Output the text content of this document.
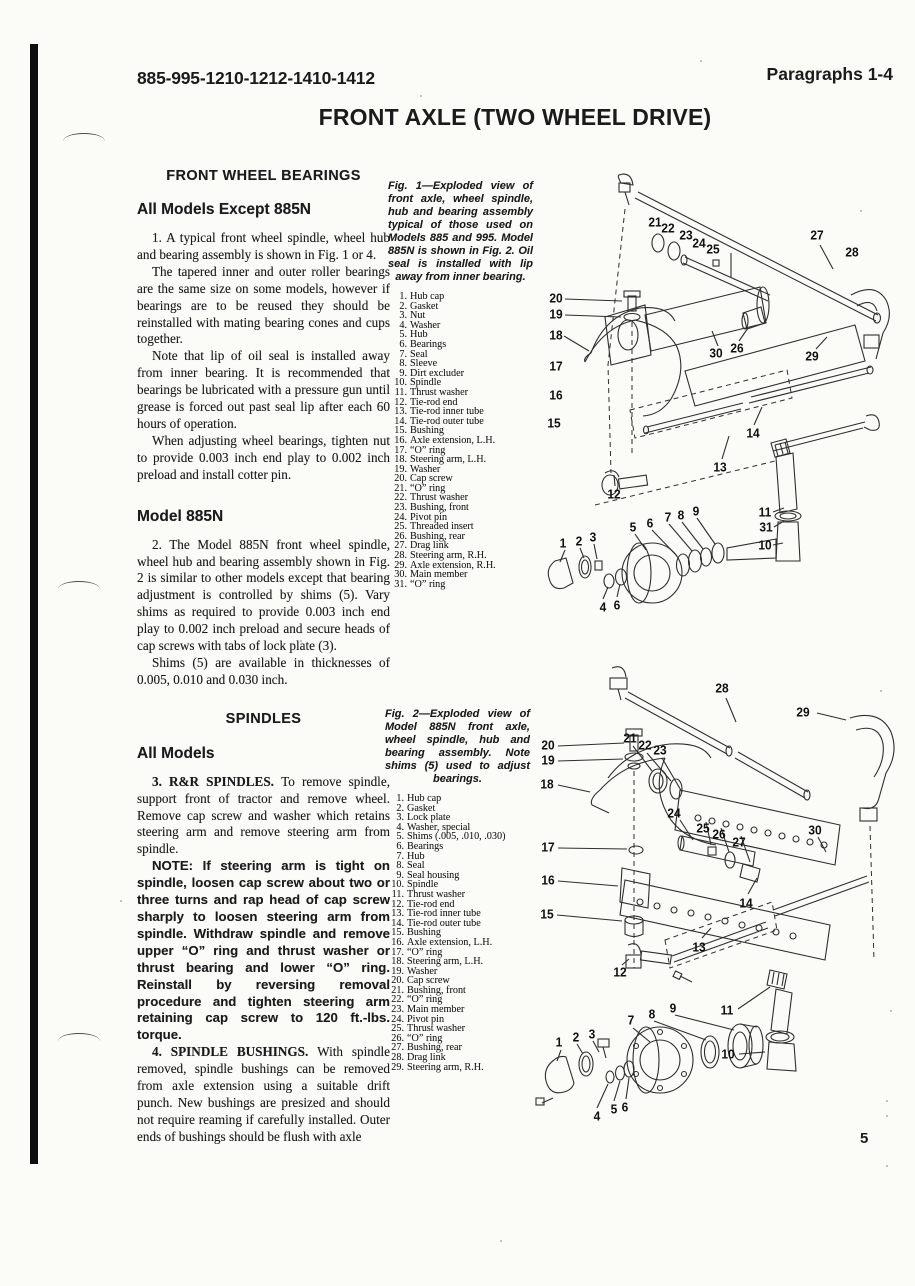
885-995-1210-1212-1410-1412	Paragraphs 1-4
FRONT AXLE (TWO WHEEL DRIVE)
5
FRONT WHEEL BEARINGS
All Models Except 885N

1. A typical front wheel spindle, wheel hub and bearing assembly is shown in Fig. 1 or 4.

The tapered inner and outer roller bearings are the same size on some models, however if bearings are to be reused they should be reinstalled with mating bearing cones and cups together.

Note that lip of oil seal is installed away from inner bearing. It is recommended that bearings be lubricated with a pressure gun until grease is forced out past seal lip after each 60 hours of operation.

When adjusting wheel bearings, tighten nut to provide 0.003 inch end play to 0.002 inch preload and install cotter pin.

Model 885N

2. The Model 885N front wheel spindle, wheel hub and bearing assembly shown in Fig. 2 is similar to other models except that bearing adjustment is controlled by shims (5). Vary shims as required to provide 0.003 inch end play to 0.002 inch preload and secure heads of cap screws with tabs of lock plate (3).

Shims (5) are available in thicknesses of 0.005, 0.010 and 0.030 inch.

SPINDLES
All Models

3. R&R SPINDLES. To remove spindle, support front of tractor and remove wheel. Remove cap screw and washer which retains steering arm and remove steering arm from spindle.

NOTE: If steering arm is tight on spindle, loosen cap screw about two or three turns and rap head of cap screw sharply to loosen steering arm from spindle. Withdraw spindle and remove upper “O” ring and thrust washer or thrust bearing and lower “O” ring. Reinstall by reversing removal procedure and tighten steering arm retaining cap screw to 120 ft.-lbs. torque.

4. SPINDLE BUSHINGS. With spindle removed, spindle bushings can be removed from axle extension using a suitable drift punch. New bushings are presized and should not require reaming if carefully installed. Outer ends of bushings should be flush with axle

Fig. 1—Exploded view of front axle, wheel spindle, hub and bearing assembly typical of those used on Models 885 and 995. Model 885N is shown in Fig. 2. Oil seal is installed with lip away from inner bearing.
1. Hub cap
2. Gasket
3. Nut
4. Washer
5. Hub
6. Bearings
7. Seal
8. Sleeve
9. Dirt excluder
10. Spindle
11. Thrust washer
12. Tie-rod end
13. Tie-rod inner tube
14. Tie-rod outer tube
15. Bushing
16. Axle extension, L.H.
17. “O” ring
18. Steering arm, L.H.
19. Washer
20. Cap screw
21. “O” ring
22. Thrust washer
23. Bushing, front
24. Pivot pin
25. Threaded insert
26. Bushing, rear
27. Drag link
28. Steering arm, R.H.
29. Axle extension, R.H.
30. Main member
31. “O” ring
Fig. 2—Exploded view of Model 885N front axle, wheel spindle, hub and bearing assembly. Note shims (5) used to adjust bearings.
1. Hub cap
2. Gasket
3. Lock plate
4. Washer, special
5. Shims (.005, .010, .030)
6. Bearings
7. Hub
8. Seal
9. Seal housing
10. Spindle
11. Thrust washer
12. Tie-rod end
13. Tie-rod inner tube
14. Tie-rod outer tube
15. Bushing
16. Axle extension, L.H.
17. “O” ring
18. Steering arm, L.H.
19. Washer
20. Cap screw
21. Bushing, front
22. “O” ring
23. Main member
24. Pivot pin
25. Thrust washer
26. “O” ring
27. Bushing, rear
28. Drag link
29. Steering arm, R.H.
21 22 23
24 25
27
28
20
19
18
17
16
30 26
29
15
14
13
12
11
31
10
5 6 7 8 9
1 2 3
4 6
28
29
20
19
21 22 23
18
24
25 26
27
30
17
16
15
14
13
12
11
10
1 2 3
7 8 9
4 5 6
